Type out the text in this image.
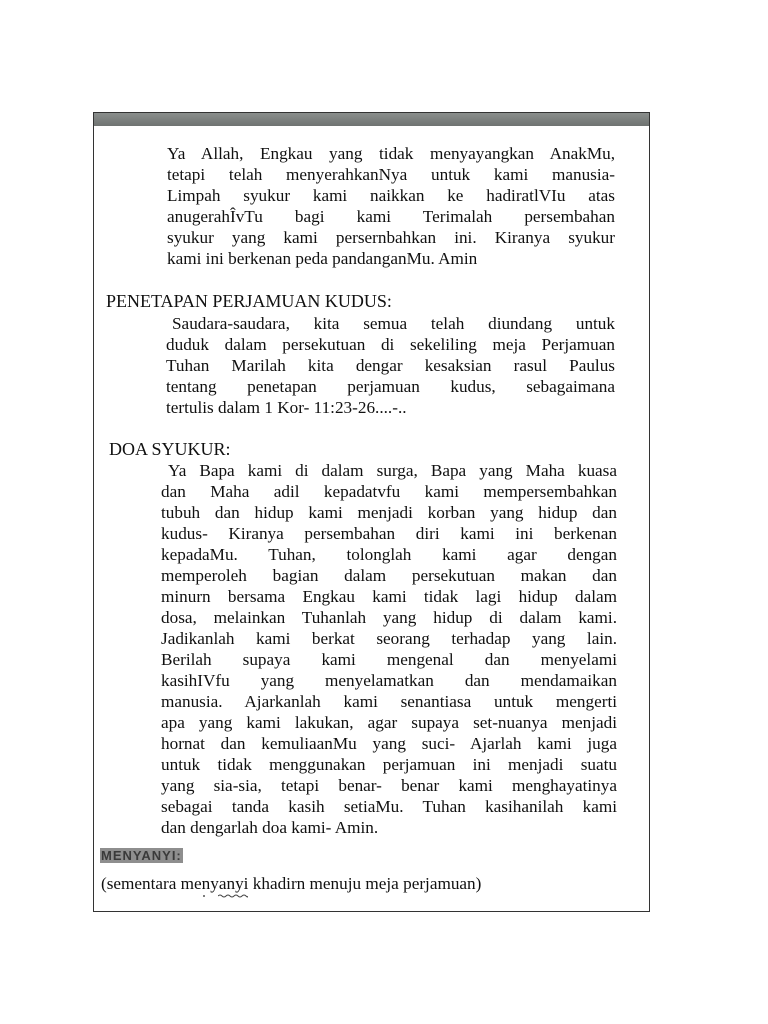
Ya Allah, Engkau yang tidak menyayangkan AnakMu,
tetapi telah menyerahkanNya untuk kami manusia-
Limpah syukur kami naikkan ke hadiratlVIu atas
anugerahÎvTu bagi kami Terimalah persembahan
syukur yang kami persernbahkan ini. Kiranya syukur
kami ini berkenan peda pandanganMu. Amin
PENETAPAN PERJAMUAN KUDUS:
Saudara-saudara, kita semua telah diundang untuk
duduk dalam persekutuan di sekeliling meja Perjamuan
Tuhan Marilah kita dengar kesaksian rasul Paulus
tentang penetapan perjamuan kudus, sebagaimana
tertulis dalam 1 Kor- 11:23-26....-..
DOA SYUKUR:
Ya Bapa kami di dalam surga, Bapa yang Maha kuasa
dan Maha adil kepadatvfu kami mempersembahkan
tubuh dan hidup kami menjadi korban yang hidup dan
kudus- Kiranya persembahan diri kami ini berkenan
kepadaMu. Tuhan, tolonglah kami agar dengan
memperoleh bagian dalam persekutuan makan dan
minurn bersama Engkau kami tidak lagi hidup dalam
dosa, melainkan Tuhanlah yang hidup di dalam kami.
Jadikanlah kami berkat seorang terhadap yang lain.
Berilah supaya kami mengenal dan menyelami
kasihIVfu yang menyelamatkan dan mendamaikan
manusia. Ajarkanlah kami senantiasa untuk mengerti
apa yang kami lakukan, agar supaya set-nuanya menjadi
hornat dan kemuliaanMu yang suci- Ajarlah kami juga
untuk tidak menggunakan perjamuan ini menjadi suatu
yang sia-sia, tetapi benar- benar kami menghayatinya
sebagai tanda kasih setiaMu. Tuhan kasihanilah kami
dan dengarlah doa kami- Amin.
MENYANYI:
(sementara menyanyi khadirn menuju meja perjamuan)
